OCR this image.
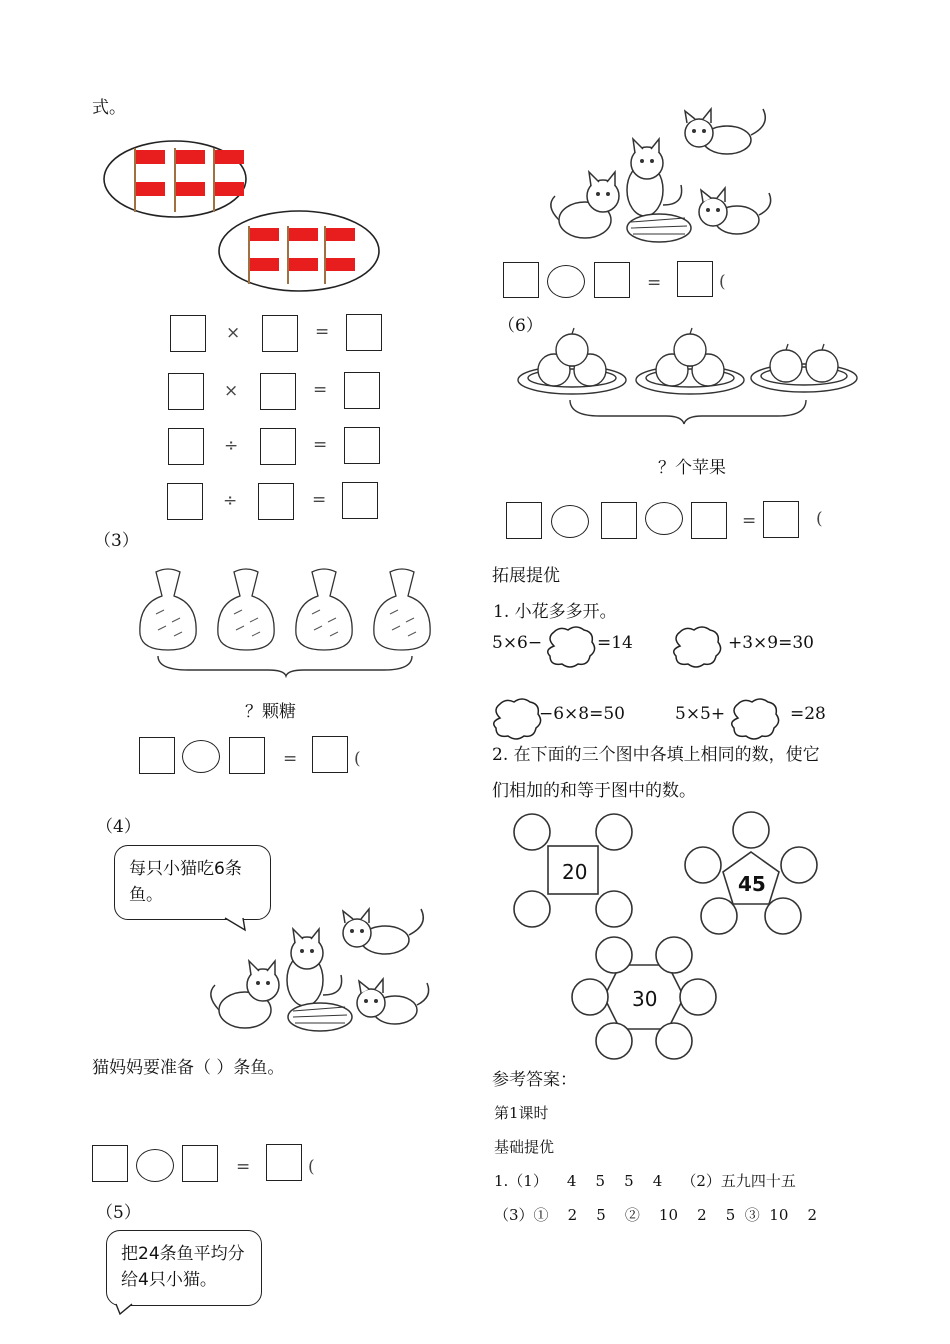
式。
×	=
×	=
÷	=
÷	=
（3）
？颗糖
=	(
（4）
每只小猫吃6条鱼。
猫妈妈要准备（ ）条鱼。
=	(
（5）
把24条鱼平均分给4只小猫。
=	(
（6）
？个苹果
=	(
拓展提优
1. 小花多多开。
5×6−	=14	+3×9=30
−6×8=50	5×5+	=28
2. 在下面的三个图中各填上相同的数，使它
们相加的和等于图中的数。
20	45
30
参考答案：
第1课时
基础提优
1.（1）    4    5    5    4    （2）五九四十五
（3）①    2    5    ②    10    2    5  ③  10    2
